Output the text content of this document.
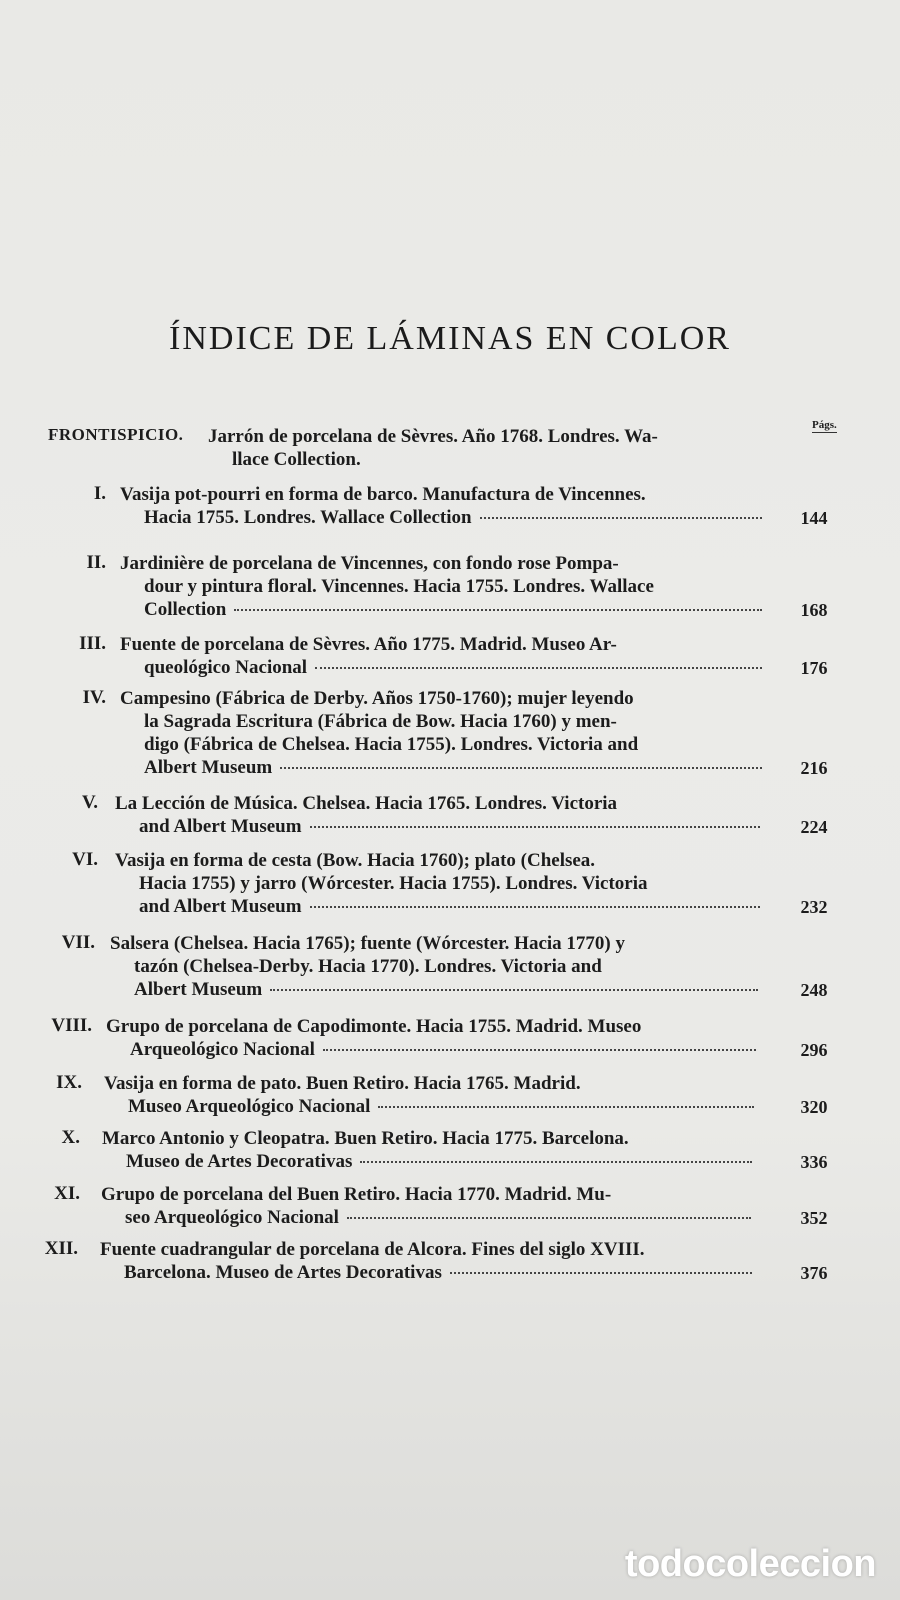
ÍNDICE DE LÁMINAS EN COLOR
Págs.
FRONTISPICIO. Jarrón de porcelana de Sèvres. Año 1768. Londres. Wa-
llace Collection.
I. Vasija pot-pourri en forma de barco. Manufactura de Vincennes.
Hacia 1755. Londres. Wallace Collection	144
II. Jardinière de porcelana de Vincennes, con fondo rose Pompa-
dour y pintura floral. Vincennes. Hacia 1755. Londres. Wallace
Collection	168
III. Fuente de porcelana de Sèvres. Año 1775. Madrid. Museo Ar-
queológico Nacional	176
IV. Campesino (Fábrica de Derby. Años 1750-1760); mujer leyendo
la Sagrada Escritura (Fábrica de Bow. Hacia 1760) y men-
digo (Fábrica de Chelsea. Hacia 1755). Londres. Victoria and
Albert Museum	216
V. La Lección de Música. Chelsea. Hacia 1765. Londres. Victoria
and Albert Museum	224
VI. Vasija en forma de cesta (Bow. Hacia 1760); plato (Chelsea.
Hacia 1755) y jarro (Wórcester. Hacia 1755). Londres. Victoria
and Albert Museum	232
VII. Salsera (Chelsea. Hacia 1765); fuente (Wórcester. Hacia 1770) y
tazón (Chelsea-Derby. Hacia 1770). Londres. Victoria and
Albert Museum	248
VIII. Grupo de porcelana de Capodimonte. Hacia 1755. Madrid. Museo
Arqueológico Nacional	296
IX. Vasija en forma de pato. Buen Retiro. Hacia 1765. Madrid.
Museo Arqueológico Nacional	320
X. Marco Antonio y Cleopatra. Buen Retiro. Hacia 1775. Barcelona.
Museo de Artes Decorativas	336
XI. Grupo de porcelana del Buen Retiro. Hacia 1770. Madrid. Mu-
seo Arqueológico Nacional	352
XII. Fuente cuadrangular de porcelana de Alcora. Fines del siglo XVIII.
Barcelona. Museo de Artes Decorativas	376
todocoleccion
